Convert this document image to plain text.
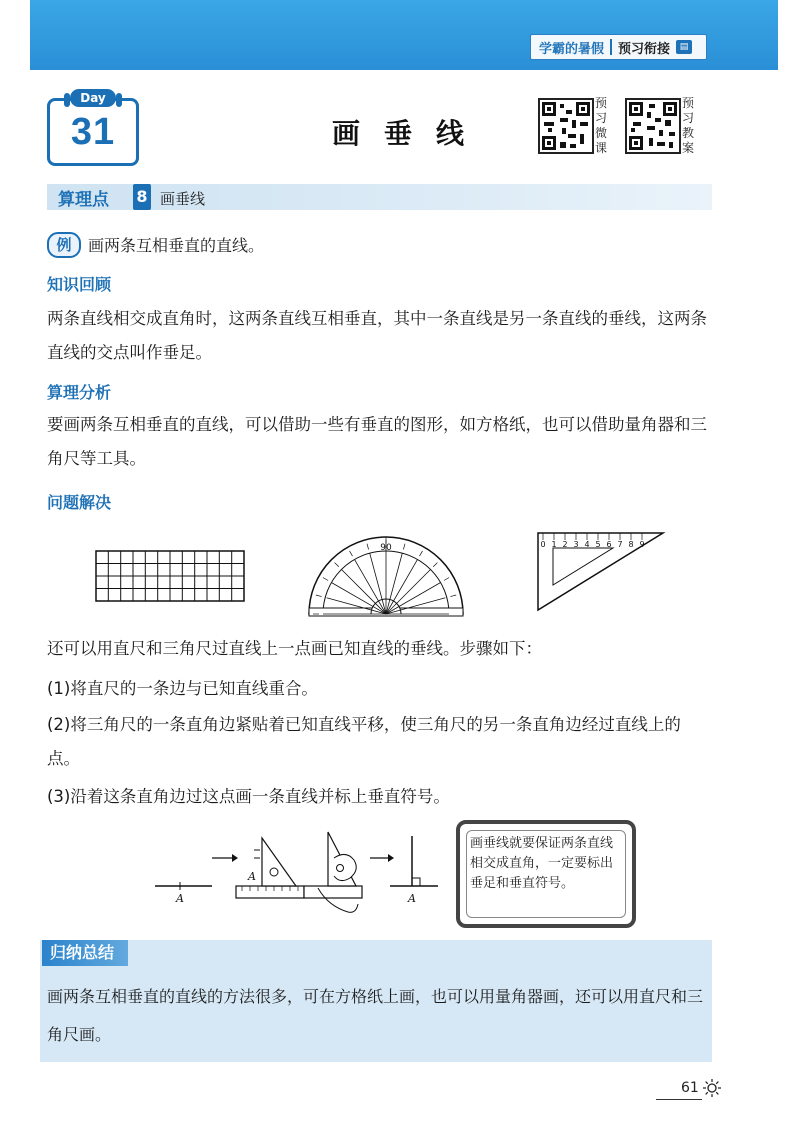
学霸的暑假	预习衔接	▤
Day
31	画垂线
预习微课
预习教案
算理点 8 画垂线
例	画两条互相垂直的直线。
知识回顾
两条直线相交成直角时，这两条直线互相垂直，其中一条直线是另一条直线的垂线，这两条直线的交点叫作垂足。
算理分析
要画两条互相垂直的直线，可以借助一些有垂直的图形，如方格纸，也可以借助量角器和三角尺等工具。
问题解决
90	0 1 2 3 4 5 6 7 8 9
还可以用直尺和三角尺过直线上一点画已知直线的垂线。步骤如下：
(1)将直尺的一条边与已知直线重合。
(2)将三角尺的一条直角边紧贴着已知直线平移，使三角尺的另一条直角边经过直线上的点。
(3)沿着这条直角边过这点画一条直线并标上垂直符号。
A
A
A
画垂线就要保证两条直线相交成直角，一定要标出垂足和垂直符号。
归纳总结
画两条互相垂直的直线的方法很多，可在方格纸上画，也可以用量角器画，还可以用直尺和三角尺画。
61
